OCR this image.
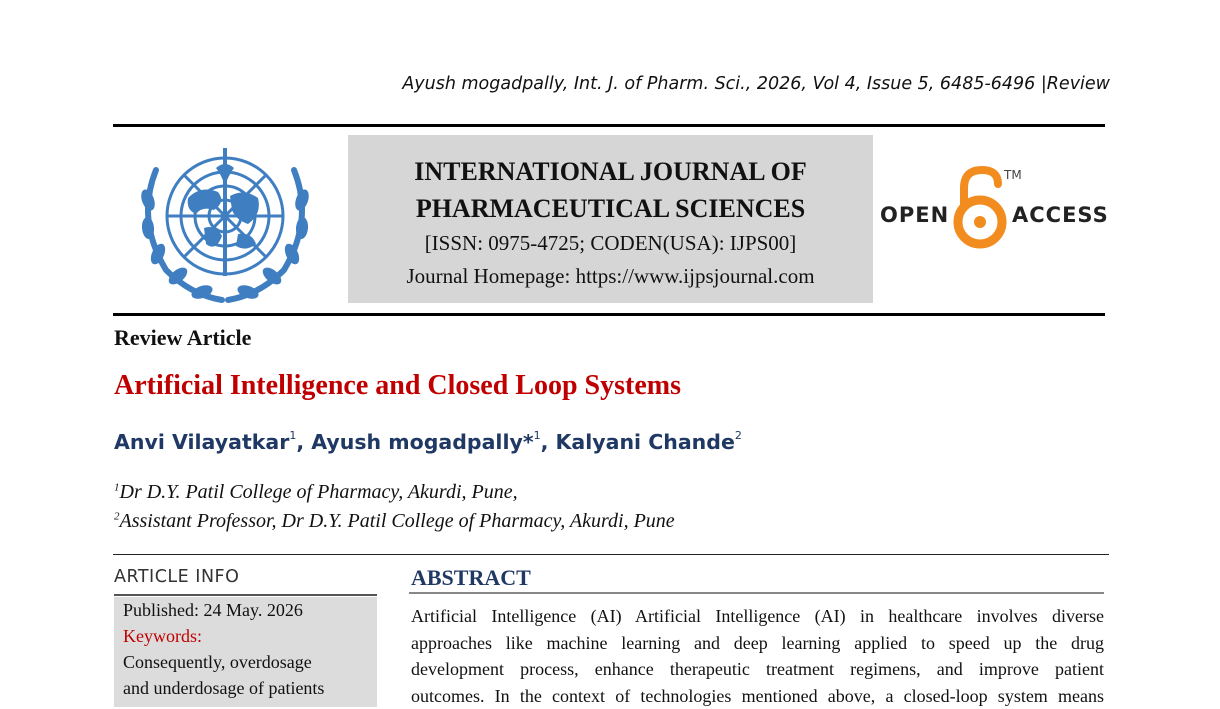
Ayush mogadpally, Int. J. of Pharm. Sci., 2026, Vol 4, Issue 5, 6485-6496 |Review
INTERNATIONAL JOURNAL OF
PHARMACEUTICAL SCIENCES
[ISSN: 0975-4725; CODEN(USA): IJPS00]
Journal Homepage: https://www.ijpsjournal.com
OPEN
TM
ACCESS
Review Article
Artificial Intelligence and Closed Loop Systems
Anvi Vilayatkar$^1$, Ayush mogadpally*$^1$, Kalyani Chande$^2$
$^1$Dr D.Y. Patil College of Pharmacy, Akurdi, Pune,
$^2$Assistant Professor, Dr D.Y. Patil College of Pharmacy, Akurdi, Pune
ARTICLE INFO
Published: 24 May. 2026
Keywords:
Consequently, overdosage
and underdosage of patients
ABSTRACT
Artificial Intelligence (AI) Artificial Intelligence (AI) in healthcare involves diverse
approaches like machine learning and deep learning applied to speed up the drug
development process, enhance therapeutic treatment regimens, and improve patient
outcomes. In the context of technologies mentioned above, a closed-loop system means
